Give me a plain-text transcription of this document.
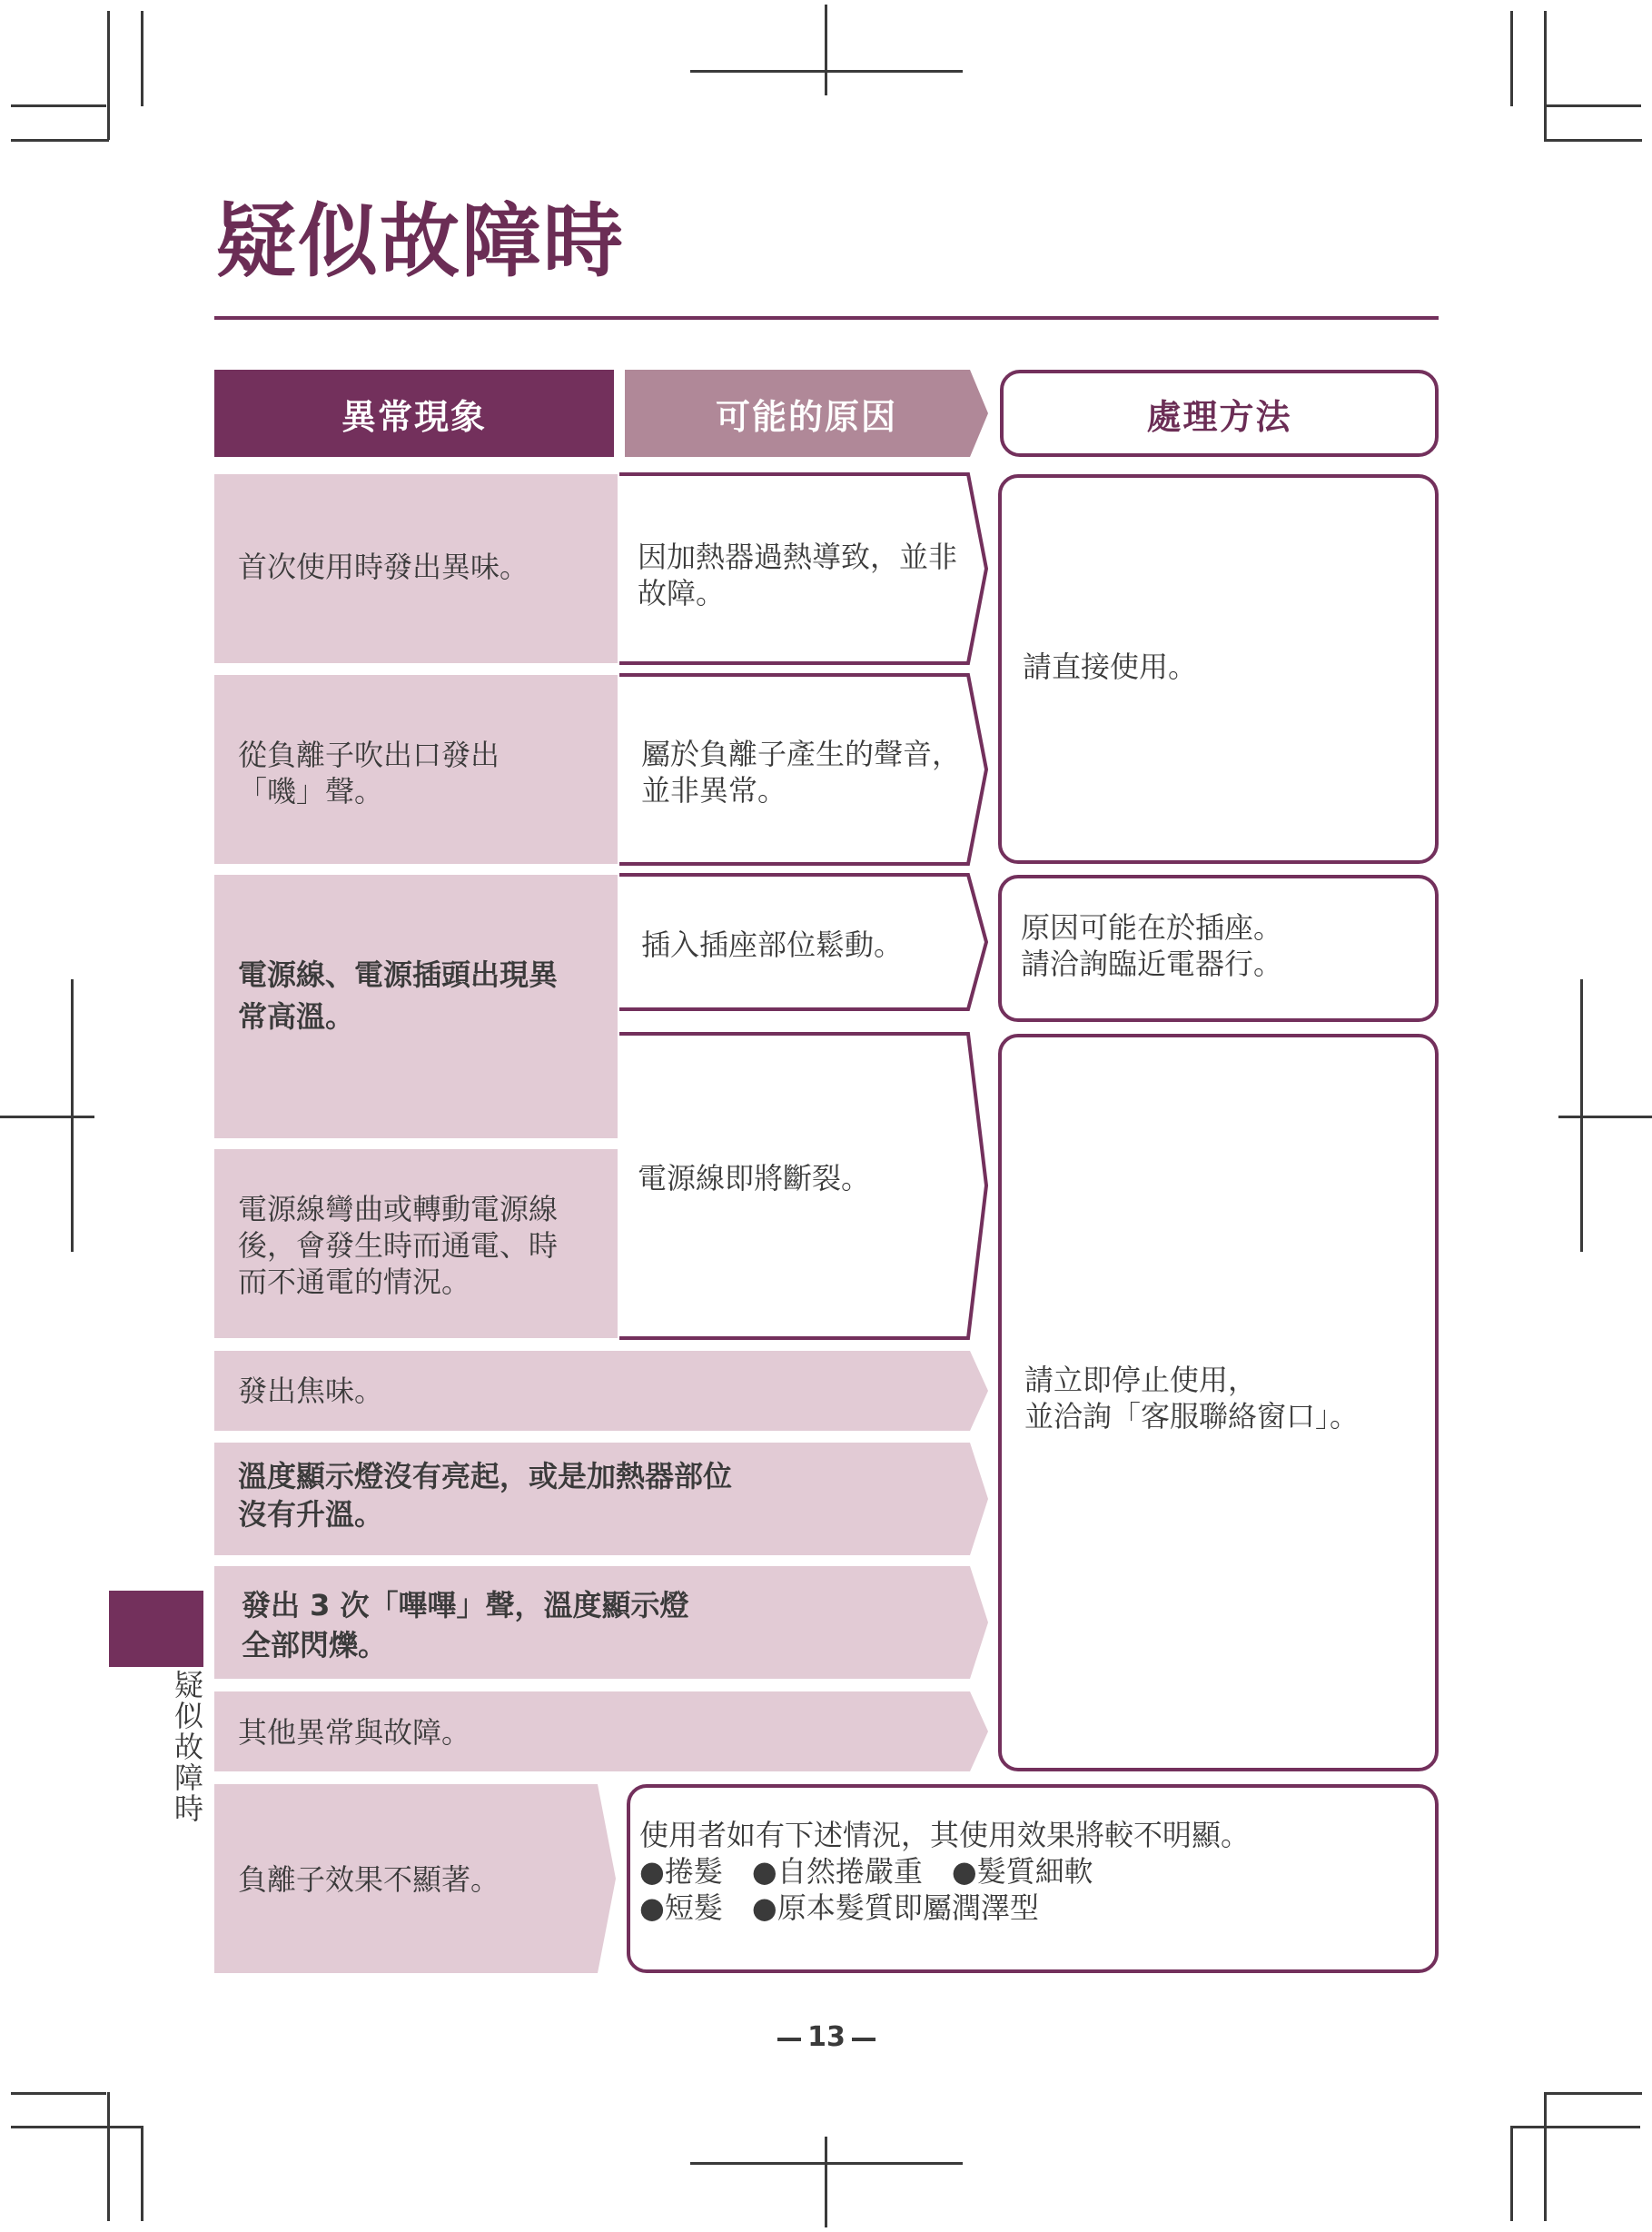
疑似故障時
異常現象	可能的原因	處理方法
首次使用時發出異味。
從負離子吹出口發出
「嘰」聲。
電源線、電源插頭出現異
常高溫。
電源線彎曲或轉動電源線
後，會發生時而通電、時
而不通電的情況。
發出焦味。
溫度顯示燈沒有亮起，或是加熱器部位
沒有升溫。
發出 3 次「嗶嗶」聲，溫度顯示燈
全部閃爍。
其他異常與故障。
負離子效果不顯著。
因加熱器過熱導致，並非
故障。
屬於負離子產生的聲音，
並非異常。
插入插座部位鬆動。
電源線即將斷裂。
請直接使用。
原因可能在於插座。
請洽詢臨近電器行。
請立即停止使用，
並洽詢「客服聯絡窗口」。
使用者如有下述情況，其使用效果將較不明顯。
●捲髮　●自然捲嚴重　●髮質細軟
●短髮　●原本髮質即屬潤澤型
疑似故障時
13
